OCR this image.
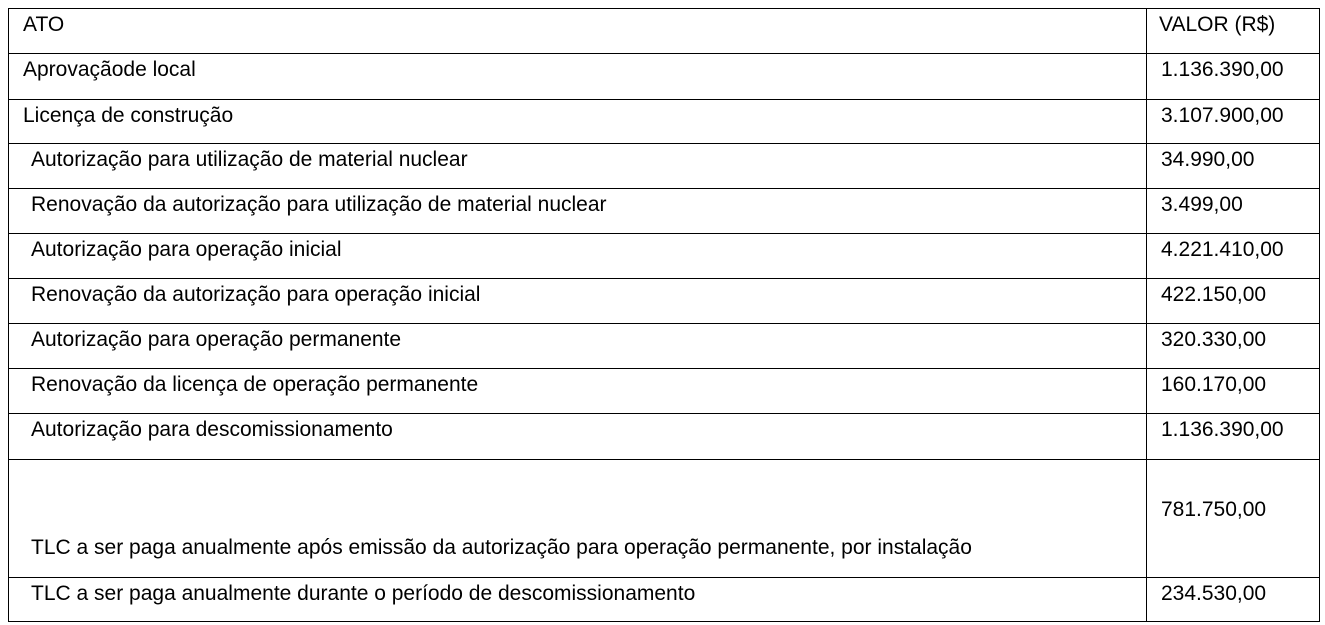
ATO	VALOR (R$)
Aprovaçãode local	1.136.390,00
Licença de construção	3.107.900,00
Autorização para utilização de material nuclear	34.990,00
Renovação da autorização para utilização de material nuclear	3.499,00
Autorização para operação inicial	4.221.410,00
Renovação da autorização para operação inicial	422.150,00
Autorização para operação permanente	320.330,00
Renovação da licença de operação permanente	160.170,00
Autorização para descomissionamento	1.136.390,00
TLC a ser paga anualmente após emissão da autorização para operação permanente, por instalação	781.750,00
TLC a ser paga anualmente durante o período de descomissionamento	234.530,00
